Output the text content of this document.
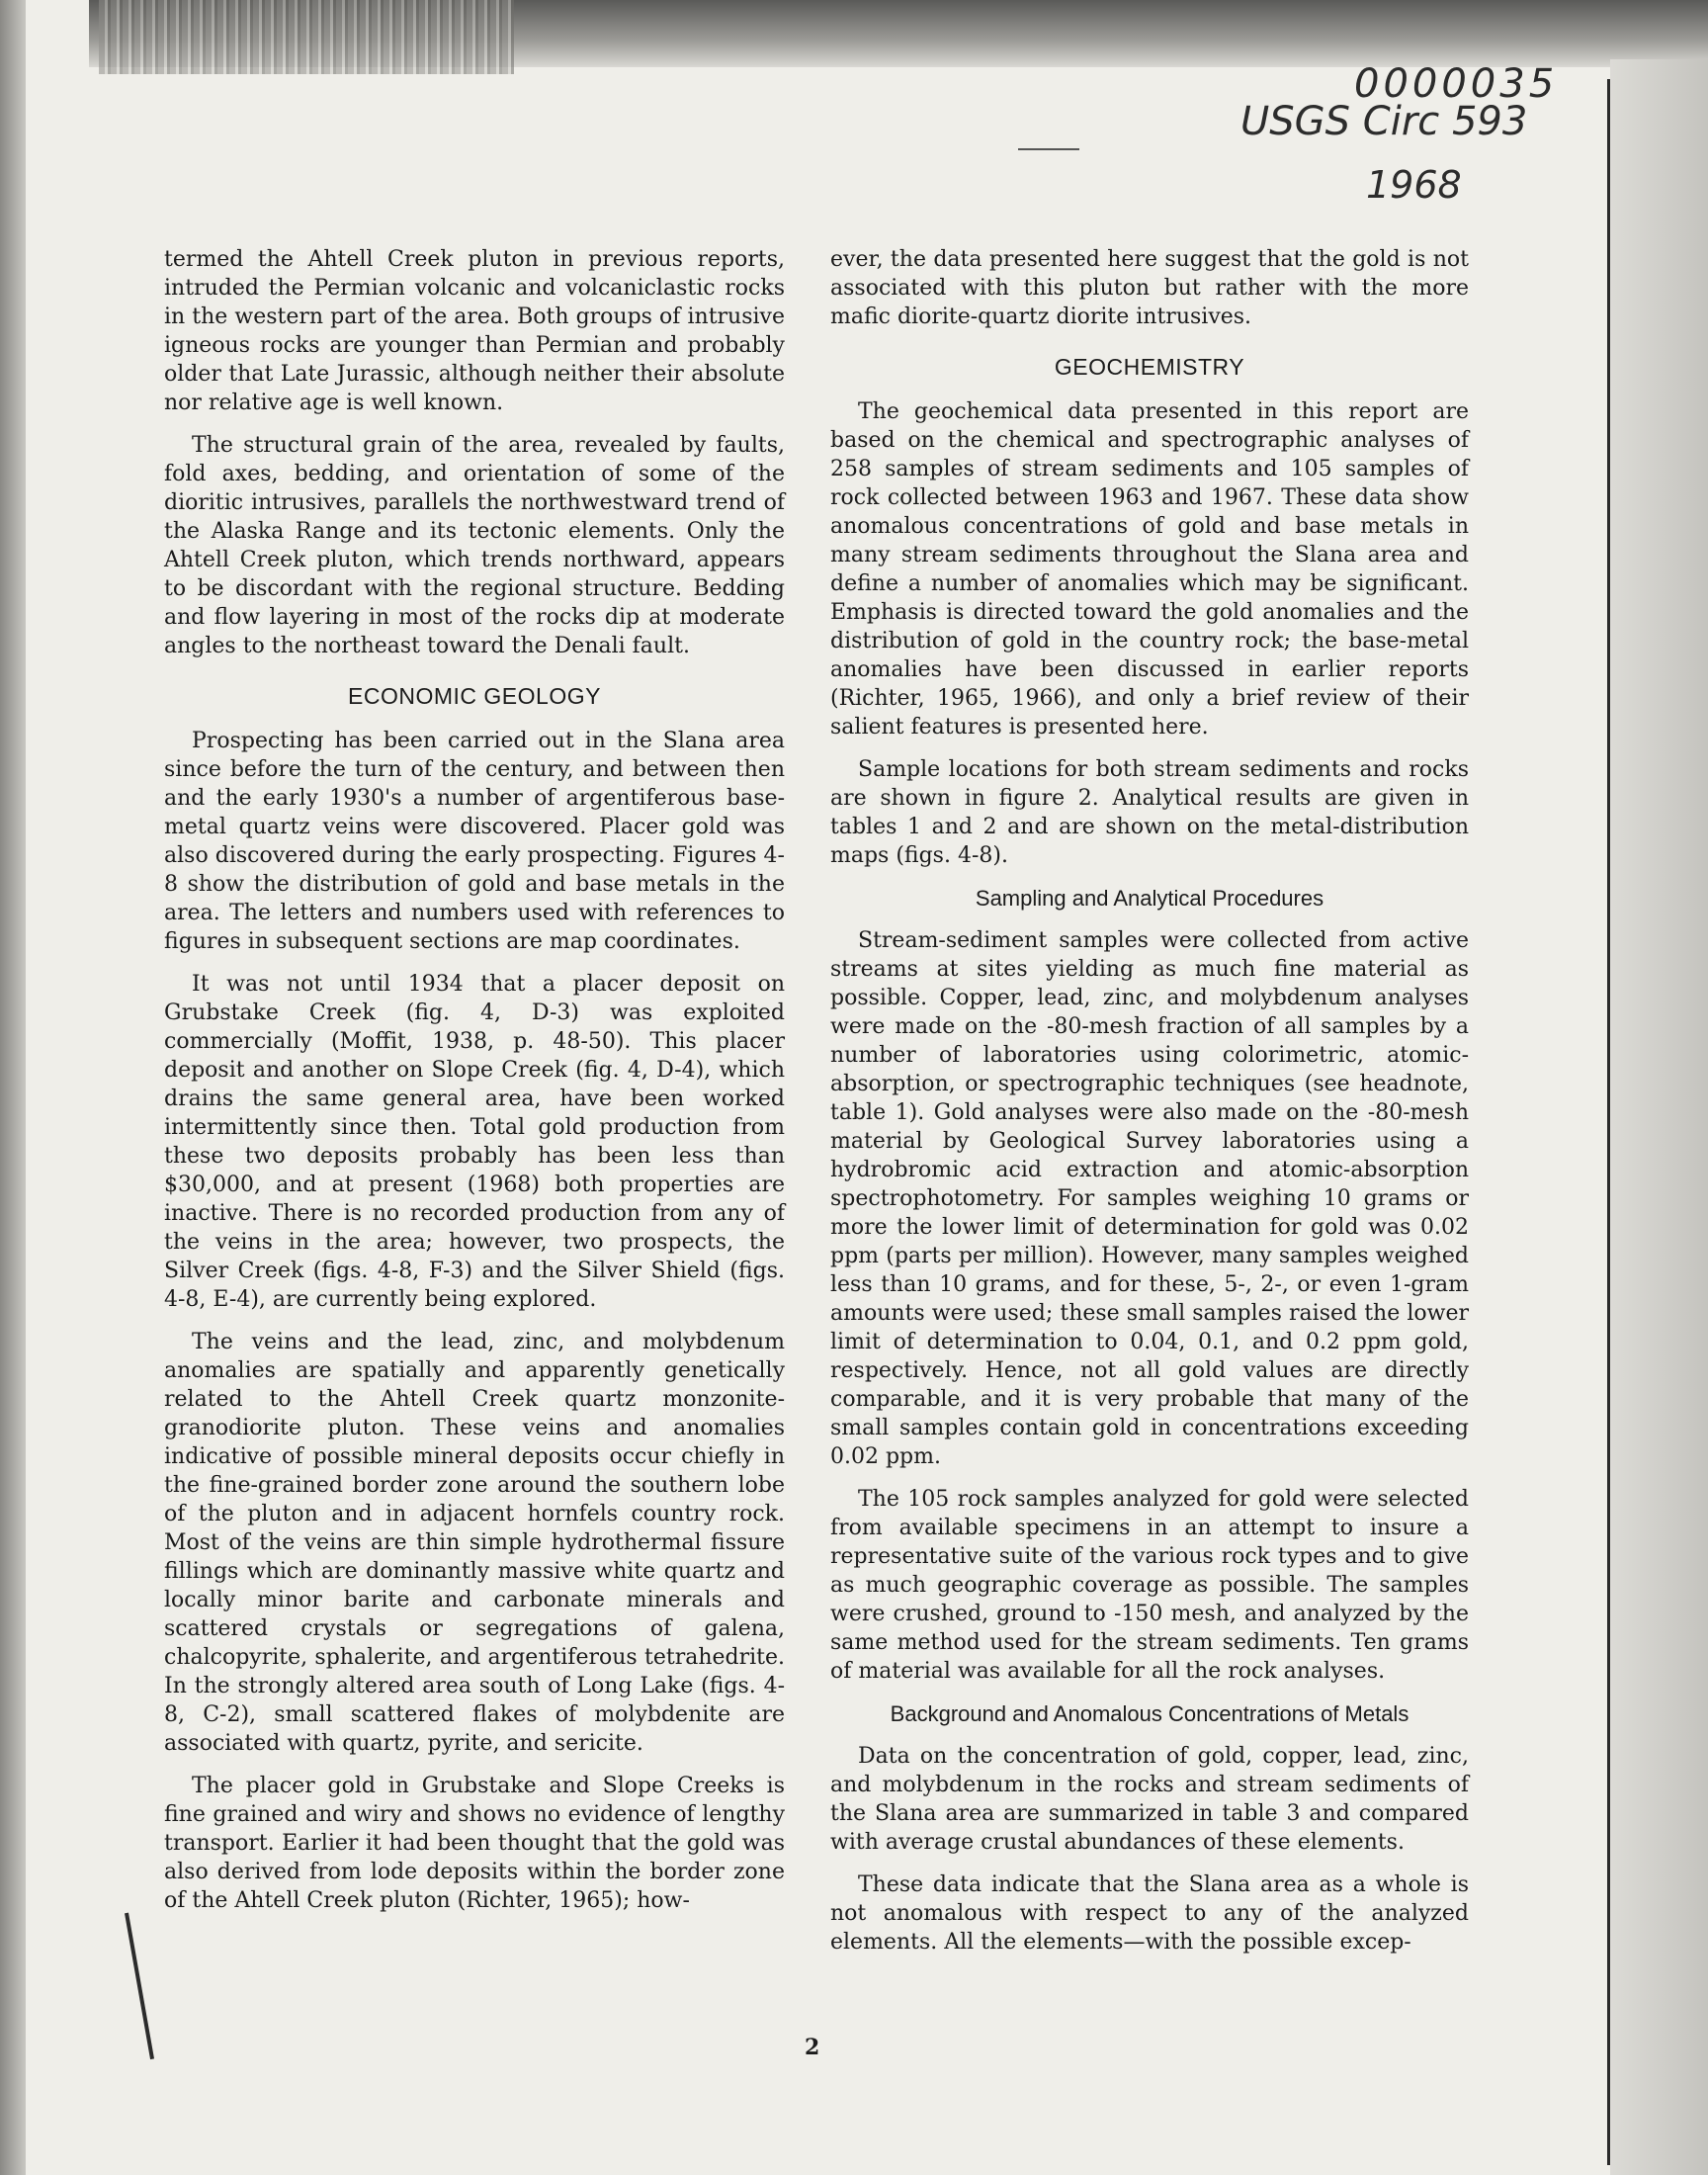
0000035

USGS Circ 593

1968

termed the Ahtell Creek pluton in previous reports, intruded the Permian volcanic and volcaniclastic rocks in the western part of the area. Both groups of intrusive igneous rocks are younger than Permian and probably older that Late Jurassic, although neither their absolute nor relative age is well known.

The structural grain of the area, revealed by faults, fold axes, bedding, and orientation of some of the dioritic intrusives, parallels the northwestward trend of the Alaska Range and its tectonic elements. Only the Ahtell Creek pluton, which trends northward, appears to be discordant with the regional structure. Bedding and flow layering in most of the rocks dip at moderate angles to the northeast toward the Denali fault.

ECONOMIC GEOLOGY

Prospecting has been carried out in the Slana area since before the turn of the century, and between then and the early 1930's a number of argentiferous base-metal quartz veins were discovered. Placer gold was also discovered during the early prospecting. Figures 4-8 show the distribution of gold and base metals in the area. The letters and numbers used with references to figures in subsequent sections are map coordinates.

It was not until 1934 that a placer deposit on Grubstake Creek (fig. 4, D-3) was exploited commercially (Moffit, 1938, p. 48-50). This placer deposit and another on Slope Creek (fig. 4, D-4), which drains the same general area, have been worked intermittently since then. Total gold production from these two deposits probably has been less than $30,000, and at present (1968) both properties are inactive. There is no recorded production from any of the veins in the area; however, two prospects, the Silver Creek (figs. 4-8, F-3) and the Silver Shield (figs. 4-8, E-4), are currently being explored.

The veins and the lead, zinc, and molybdenum anomalies are spatially and apparently genetically related to the Ahtell Creek quartz monzonite-granodiorite pluton. These veins and anomalies indicative of possible mineral deposits occur chiefly in the fine-grained border zone around the southern lobe of the pluton and in adjacent hornfels country rock. Most of the veins are thin simple hydrothermal fissure fillings which are dominantly massive white quartz and locally minor barite and carbonate minerals and scattered crystals or segregations of galena, chalcopyrite, sphalerite, and argentiferous tetrahedrite. In the strongly altered area south of Long Lake (figs. 4-8, C-2), small scattered flakes of molybdenite are associated with quartz, pyrite, and sericite.

The placer gold in Grubstake and Slope Creeks is fine grained and wiry and shows no evidence of lengthy transport. Earlier it had been thought that the gold was also derived from lode deposits within the border zone of the Ahtell Creek pluton (Richter, 1965); how-

ever, the data presented here suggest that the gold is not associated with this pluton but rather with the more mafic diorite-quartz diorite intrusives.

GEOCHEMISTRY

The geochemical data presented in this report are based on the chemical and spectrographic analyses of 258 samples of stream sediments and 105 samples of rock collected between 1963 and 1967. These data show anomalous concentrations of gold and base metals in many stream sediments throughout the Slana area and define a number of anomalies which may be significant. Emphasis is directed toward the gold anomalies and the distribution of gold in the country rock; the base-metal anomalies have been discussed in earlier reports (Richter, 1965, 1966), and only a brief review of their salient features is presented here.

Sample locations for both stream sediments and rocks are shown in figure 2. Analytical results are given in tables 1 and 2 and are shown on the metal-distribution maps (figs. 4-8).

Sampling and Analytical Procedures

Stream-sediment samples were collected from active streams at sites yielding as much fine material as possible. Copper, lead, zinc, and molybdenum analyses were made on the -80-mesh fraction of all samples by a number of laboratories using colorimetric, atomic-absorption, or spectrographic techniques (see headnote, table 1). Gold analyses were also made on the -80-mesh material by Geological Survey laboratories using a hydrobromic acid extraction and atomic-absorption spectrophotometry. For samples weighing 10 grams or more the lower limit of determination for gold was 0.02 ppm (parts per million). However, many samples weighed less than 10 grams, and for these, 5-, 2-, or even 1-gram amounts were used; these small samples raised the lower limit of determination to 0.04, 0.1, and 0.2 ppm gold, respectively. Hence, not all gold values are directly comparable, and it is very probable that many of the small samples contain gold in concentrations exceeding 0.02 ppm.

The 105 rock samples analyzed for gold were selected from available specimens in an attempt to insure a representative suite of the various rock types and to give as much geographic coverage as possible. The samples were crushed, ground to -150 mesh, and analyzed by the same method used for the stream sediments. Ten grams of material was available for all the rock analyses.

Background and Anomalous Concentrations of Metals

Data on the concentration of gold, copper, lead, zinc, and molybdenum in the rocks and stream sediments of the Slana area are summarized in table 3 and compared with average crustal abundances of these elements.

These data indicate that the Slana area as a whole is not anomalous with respect to any of the analyzed elements. All the elements—with the possible excep-

2
